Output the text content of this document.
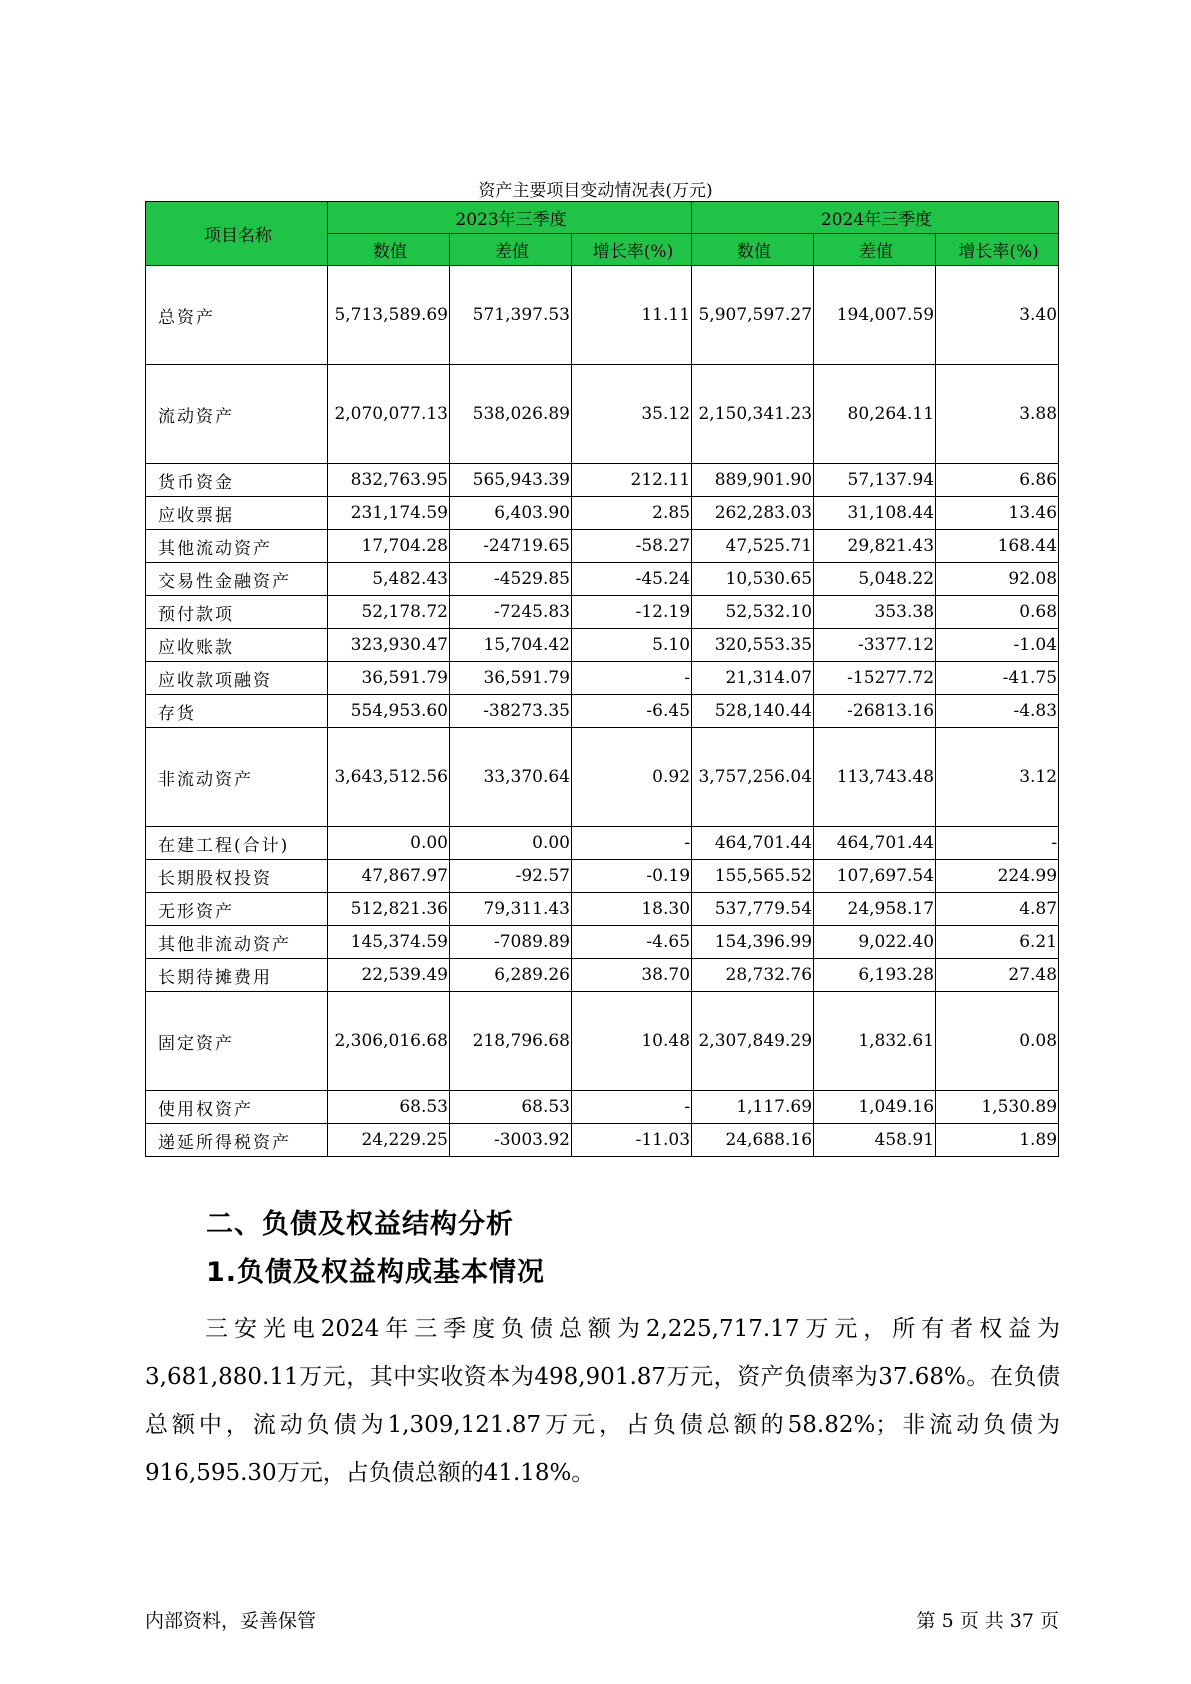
资产主要项目变动情况表(万元)
项目名称	2023年三季度			2024年三季度		
	数值	差值	增长率(%)	数值	差值	增长率(%)
总资产	5,713,589.69	571,397.53	11.11	5,907,597.27	194,007.59	3.40
流动资产	2,070,077.13	538,026.89	35.12	2,150,341.23	80,264.11	3.88
货币资金	832,763.95	565,943.39	212.11	889,901.90	57,137.94	6.86
应收票据	231,174.59	6,403.90	2.85	262,283.03	31,108.44	13.46
其他流动资产	17,704.28	-24719.65	-58.27	47,525.71	29,821.43	168.44
交易性金融资产	5,482.43	-4529.85	-45.24	10,530.65	5,048.22	92.08
预付款项	52,178.72	-7245.83	-12.19	52,532.10	353.38	0.68
应收账款	323,930.47	15,704.42	5.10	320,553.35	-3377.12	-1.04
应收款项融资	36,591.79	36,591.79	-	21,314.07	-15277.72	-41.75
存货	554,953.60	-38273.35	-6.45	528,140.44	-26813.16	-4.83
非流动资产	3,643,512.56	33,370.64	0.92	3,757,256.04	113,743.48	3.12
在建工程(合计)	0.00	0.00	-	464,701.44	464,701.44	-
长期股权投资	47,867.97	-92.57	-0.19	155,565.52	107,697.54	224.99
无形资产	512,821.36	79,311.43	18.30	537,779.54	24,958.17	4.87
其他非流动资产	145,374.59	-7089.89	-4.65	154,396.99	9,022.40	6.21
长期待摊费用	22,539.49	6,289.26	38.70	28,732.76	6,193.28	27.48
固定资产	2,306,016.68	218,796.68	10.48	2,307,849.29	1,832.61	0.08
使用权资产	68.53	68.53	-	1,117.69	1,049.16	1,530.89
递延所得税资产	24,229.25	-3003.92	-11.03	24,688.16	458.91	1.89
二、负债及权益结构分析
1.负债及权益构成基本情况

三安光电2024年三季度负债总额为2,225,717.17万元，所有者权益为3,681,880.11万元，其中实收资本为498,901.87万元，资产负债率为37.68%。在负债总额中，流动负债为1,309,121.87万元，占负债总额的58.82%；非流动负债为916,595.30万元，占负债总额的41.18%。

内部资料，妥善保管	第 5 页 共 37 页
